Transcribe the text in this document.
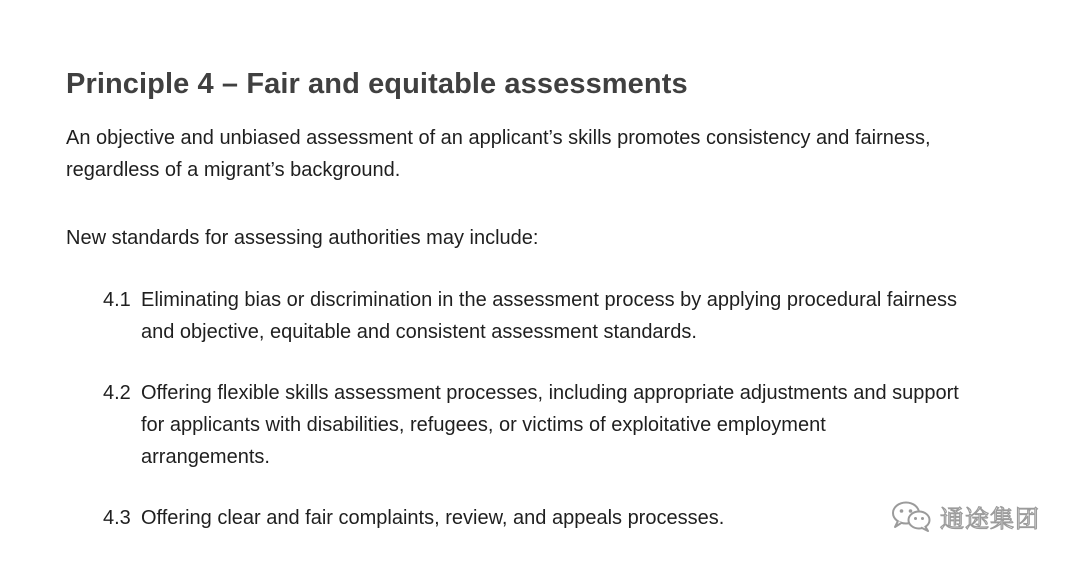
Principle 4 – Fair and equitable assessments
An objective and unbiased assessment of an applicant’s skills promotes consistency and fairness,
regardless of a migrant’s background.
New standards for assessing authorities may include:
4.1 Eliminating bias or discrimination in the assessment process by applying procedural fairness
and objective, equitable and consistent assessment standards.
4.2 Offering flexible skills assessment processes, including appropriate adjustments and support
for applicants with disabilities, refugees, or victims of exploitative employment
arrangements.
4.3 Offering clear and fair complaints, review, and appeals processes.	通途集团
